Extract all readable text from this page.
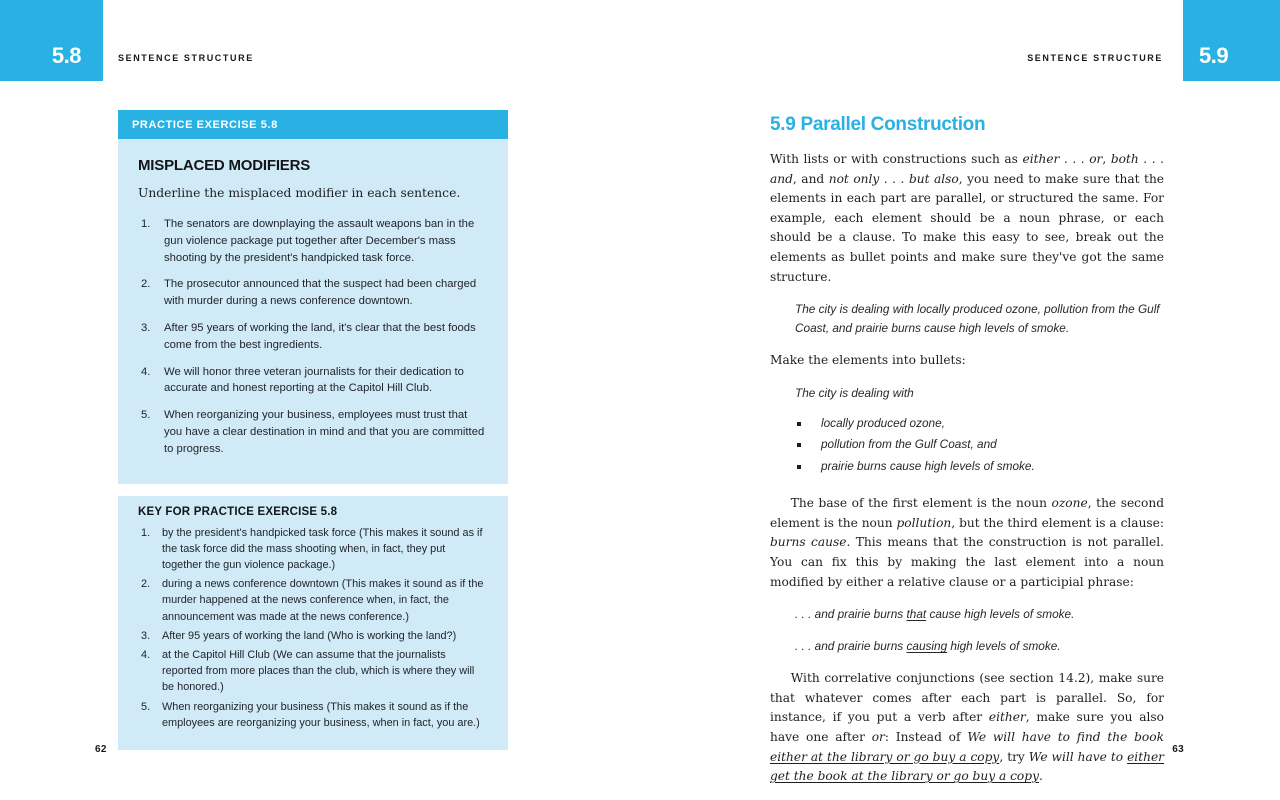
5.8	SENTENCE STRUCTURE	5.9
SENTENCE STRUCTURE
PRACTICE EXERCISE 5.8
MISPLACED MODIFIERS

Underline the misplaced modifier in each sentence.

The senators are downplaying the assault weapons ban in the gun violence package put together after December's mass shooting by the president's handpicked task force.
The prosecutor announced that the suspect had been charged with murder during a news conference downtown.
After 95 years of working the land, it's clear that the best foods come from the best ingredients.
We will honor three veteran journalists for their dedication to accurate and honest reporting at the Capitol Hill Club.
When reorganizing your business, employees must trust that you have a clear destination in mind and that you are committed to progress.
KEY FOR PRACTICE EXERCISE 5.8
by the president's handpicked task force (This makes it sound as if the task force did the mass shooting when, in fact, they put together the gun violence package.)
during a news conference downtown (This makes it sound as if the murder happened at the news conference when, in fact, the announcement was made at the news conference.)
After 95 years of working the land (Who is working the land?)
at the Capitol Hill Club (We can assume that the journalists reported from more places than the club, which is where they will be honored.)
When reorganizing your business (This makes it sound as if the employees are reorganizing your business, when in fact, you are.)
5.9 Parallel Construction

With lists or with constructions such as either . . . or, both . . . and, and not only . . . but also, you need to make sure that the elements in each part are parallel, or structured the same. For example, each element should be a noun phrase, or each should be a clause. To make this easy to see, break out the elements as bullet points and make sure they've got the same structure.

The city is dealing with locally produced ozone, pollution from the Gulf Coast, and prairie burns cause high levels of smoke.

Make the elements into bullets:

The city is dealing with

locally produced ozone,
pollution from the Gulf Coast, and
prairie burns cause high levels of smoke.

The base of the first element is the noun ozone, the second element is the noun pollution, but the third element is a clause: burns cause. This means that the construction is not parallel. You can fix this by making the last element into a noun modified by either a relative clause or a participial phrase:

. . . and prairie burns that cause high levels of smoke.

. . . and prairie burns causing high levels of smoke.

With correlative conjunctions (see section 14.2), make sure that whatever comes after each part is parallel. So, for instance, if you put a verb after either, make sure you also have one after or: Instead of We will have to find the book either at the library or go buy a copy, try We will have to either get the book at the library or go buy a copy.

62	63
